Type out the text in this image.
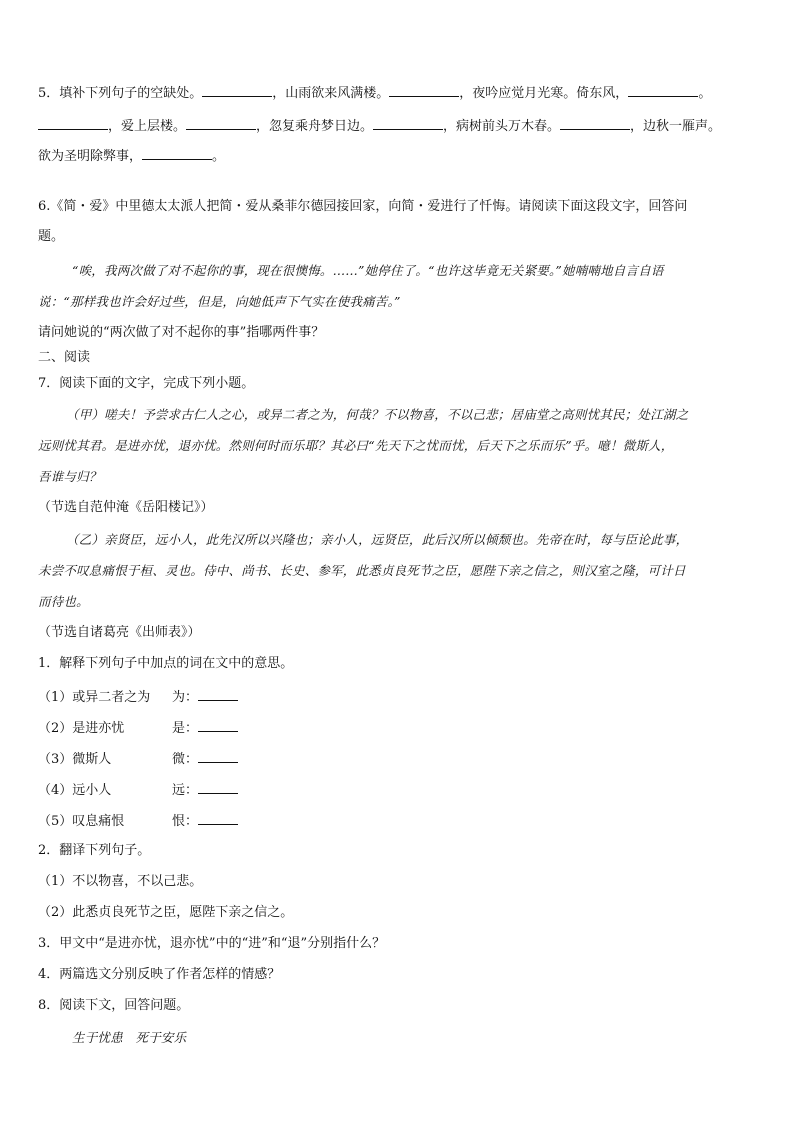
5．填补下列句子的空缺处。	，山雨欲来风满楼。	，夜吟应觉月光寒。倚东风，	。
，爱上层楼。	，忽复乘舟梦日边。	，病树前头万木春。	，边秋一雁声。
欲为圣明除弊事，	。
6.《简・爱》中里德太太派人把简・爱从桑菲尔德园接回家，向简・爱进行了忏悔。请阅读下面这段文字，回答问
题。
“唉，我两次做了对不起你的事，现在很懊悔。……”她停住了。“也许这毕竟无关紧要。”她喃喃地自言自语
说：“那样我也许会好过些，但是，向她低声下气实在使我痛苦。”
请问她说的“两次做了对不起你的事”指哪两件事？
二、阅读
7．阅读下面的文字，完成下列小题。
（甲）嗟夫！予尝求古仁人之心，或异二者之为，何哉？不以物喜，不以己悲；居庙堂之高则忧其民；处江湖之
远则忧其君。是进亦忧，退亦忧。然则何时而乐耶？其必曰“先天下之忧而忧，后天下之乐而乐”乎。噫！微斯人，
吾谁与归？
（节选自范仲淹《岳阳楼记》）
（乙）亲贤臣，远小人，此先汉所以兴隆也；亲小人，远贤臣，此后汉所以倾颓也。先帝在时，每与臣论此事，
未尝不叹息痛恨于桓、灵也。侍中、尚书、长史、参军，此悉贞良死节之臣，愿陛下亲之信之，则汉室之隆，可计日
而待也。
（节选自诸葛亮《出师表》）
1．解释下列句子中加点的词在文中的意思。
（1）或异二者之为 为：
（2）是进亦忧	是：
（3）微斯人	微：
（4）远小人	远：
（5）叹息痛恨	恨：
2．翻译下列句子。
（1）不以物喜，不以己悲。
（2）此悉贞良死节之臣，愿陛下亲之信之。
3．甲文中“是进亦忧，退亦忧”中的“进”和“退”分别指什么？
4．两篇选文分别反映了作者怎样的情感？
8．阅读下文，回答问题。
生于忧患　死于安乐
